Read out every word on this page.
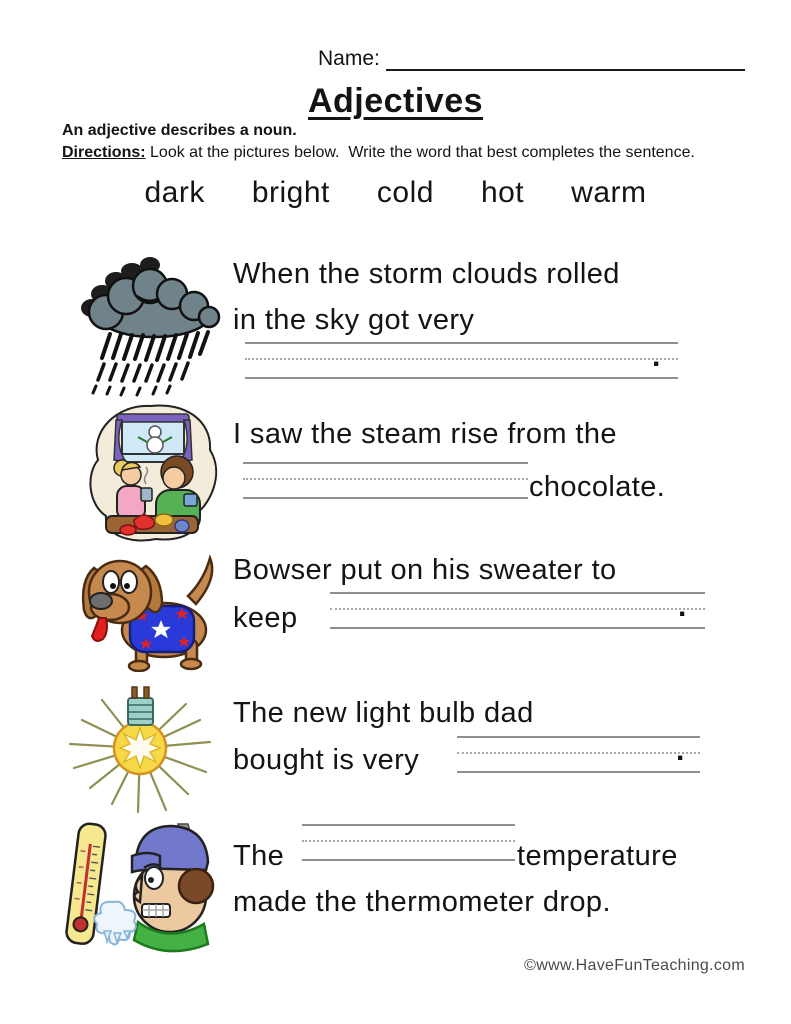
Name:
Adjectives
An adjective describes a noun.
Directions: Look at the pictures below.  Write the word that best completes the sentence.
dark bright cold hot warm
When the storm clouds rolled
in the sky got very
.
I saw the steam rise from the
chocolate.
Bowser put on his sweater to
keep	.
The new light bulb dad
bought is very	.
The	temperature
made the thermometer drop.
©www.HaveFunTeaching.com
